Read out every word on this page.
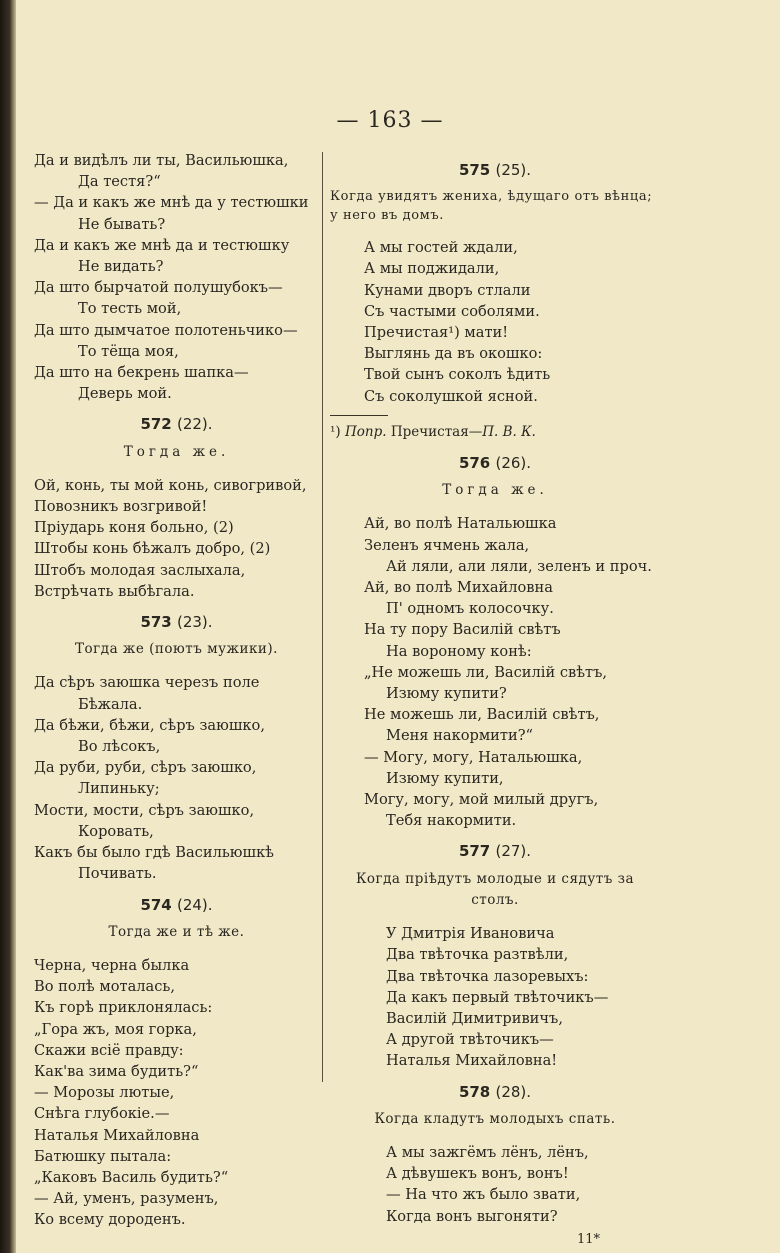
— 163 —
Да и видѣлъ ли ты, Васильюшка,
Да тестя?“
— Да и какъ же мнѣ да у тестюшки
Не бывать?
Да и какъ же мнѣ да и тестюшку
Не видать?
Да што бырчатой полушубокъ—
То тесть мой,
Да што дымчатое полотеньчико—
То тёща моя,
Да што на бекрень шапка—
Деверь мой.
572 (22).
Тогда же.
Ой, конь, ты мой конь, сивогривой,
Повозникъ возгривой!
Пріударь коня больно, (2)
Штобы конь бѣжалъ добро, (2)
Штобъ молодая заслыхала,
Встрѣчать выбѣгала.
573 (23).
Тогда же (поютъ мужики).
Да сѣръ заюшка черезъ поле
Бѣжала.
Да бѣжи, бѣжи, сѣръ заюшко,
Во лѣсокъ,
Да руби, руби, сѣръ заюшко,
Липиньку;
Мости, мости, сѣръ заюшко,
Коровать,
Какъ бы было гдѣ Васильюшкѣ
Почивать.
574 (24).
Тогда же и тѣ же.
Черна, черна былка
Во полѣ моталась,
Къ горѣ приклонялась:
„Гора жъ, моя горка,
Скажи всіё правду:
Как'ва зима будить?“
— Морозы лютые,
Снѣга глубокіе.—
Наталья Михайловна
Батюшку пытала:
„Каковъ Василь будить?“
— Ай, уменъ, разуменъ,
Ко всему дороденъ.
575 (25).
Когда увидятъ жениха, ѣдущаго отъ вѣнца; у него въ домъ.
А мы гостей ждали,
А мы поджидали,
Кунами дворъ стлали
Съ частыми соболями.
Пречистая¹) мати!
Выглянь да въ окошко:
Твой сынъ соколъ ѣдить
Съ соколушкой ясной.
¹) Попр. Пречистая—П. В. К.
576 (26).
Тогда же.
Ай, во полѣ Натальюшка
Зеленъ ячмень жала,
Ай ляли, али ляли, зеленъ и проч.
Ай, во полѣ Михайловна
П' одномъ колосочку.
На ту пору Василій свѣтъ
На вороному конѣ:
„Не можешь ли, Василій свѣтъ,
Изюму купити?
Не можешь ли, Василій свѣтъ,
Меня накормити?“
— Могу, могу, Натальюшка,
Изюму купити,
Могу, могу, мой милый другъ,
Тебя накормити.
577 (27).
Когда пріѣдутъ молодые и сядутъ за столъ.
У Дмитрія Ивановича
Два твѣточка разтвѣли,
Два твѣточка лазоревыхъ:
Да какъ первый твѣточикъ—
Василій Димитривичъ,
А другой твѣточикъ—
Наталья Михайловна!
578 (28).
Когда кладутъ молодыхъ спать.
А мы зажгёмъ лёнъ, лёнъ,
А дѣвушекъ вонъ, вонъ!
— На что жъ было звати,
Когда вонъ выгоняти?
11*
